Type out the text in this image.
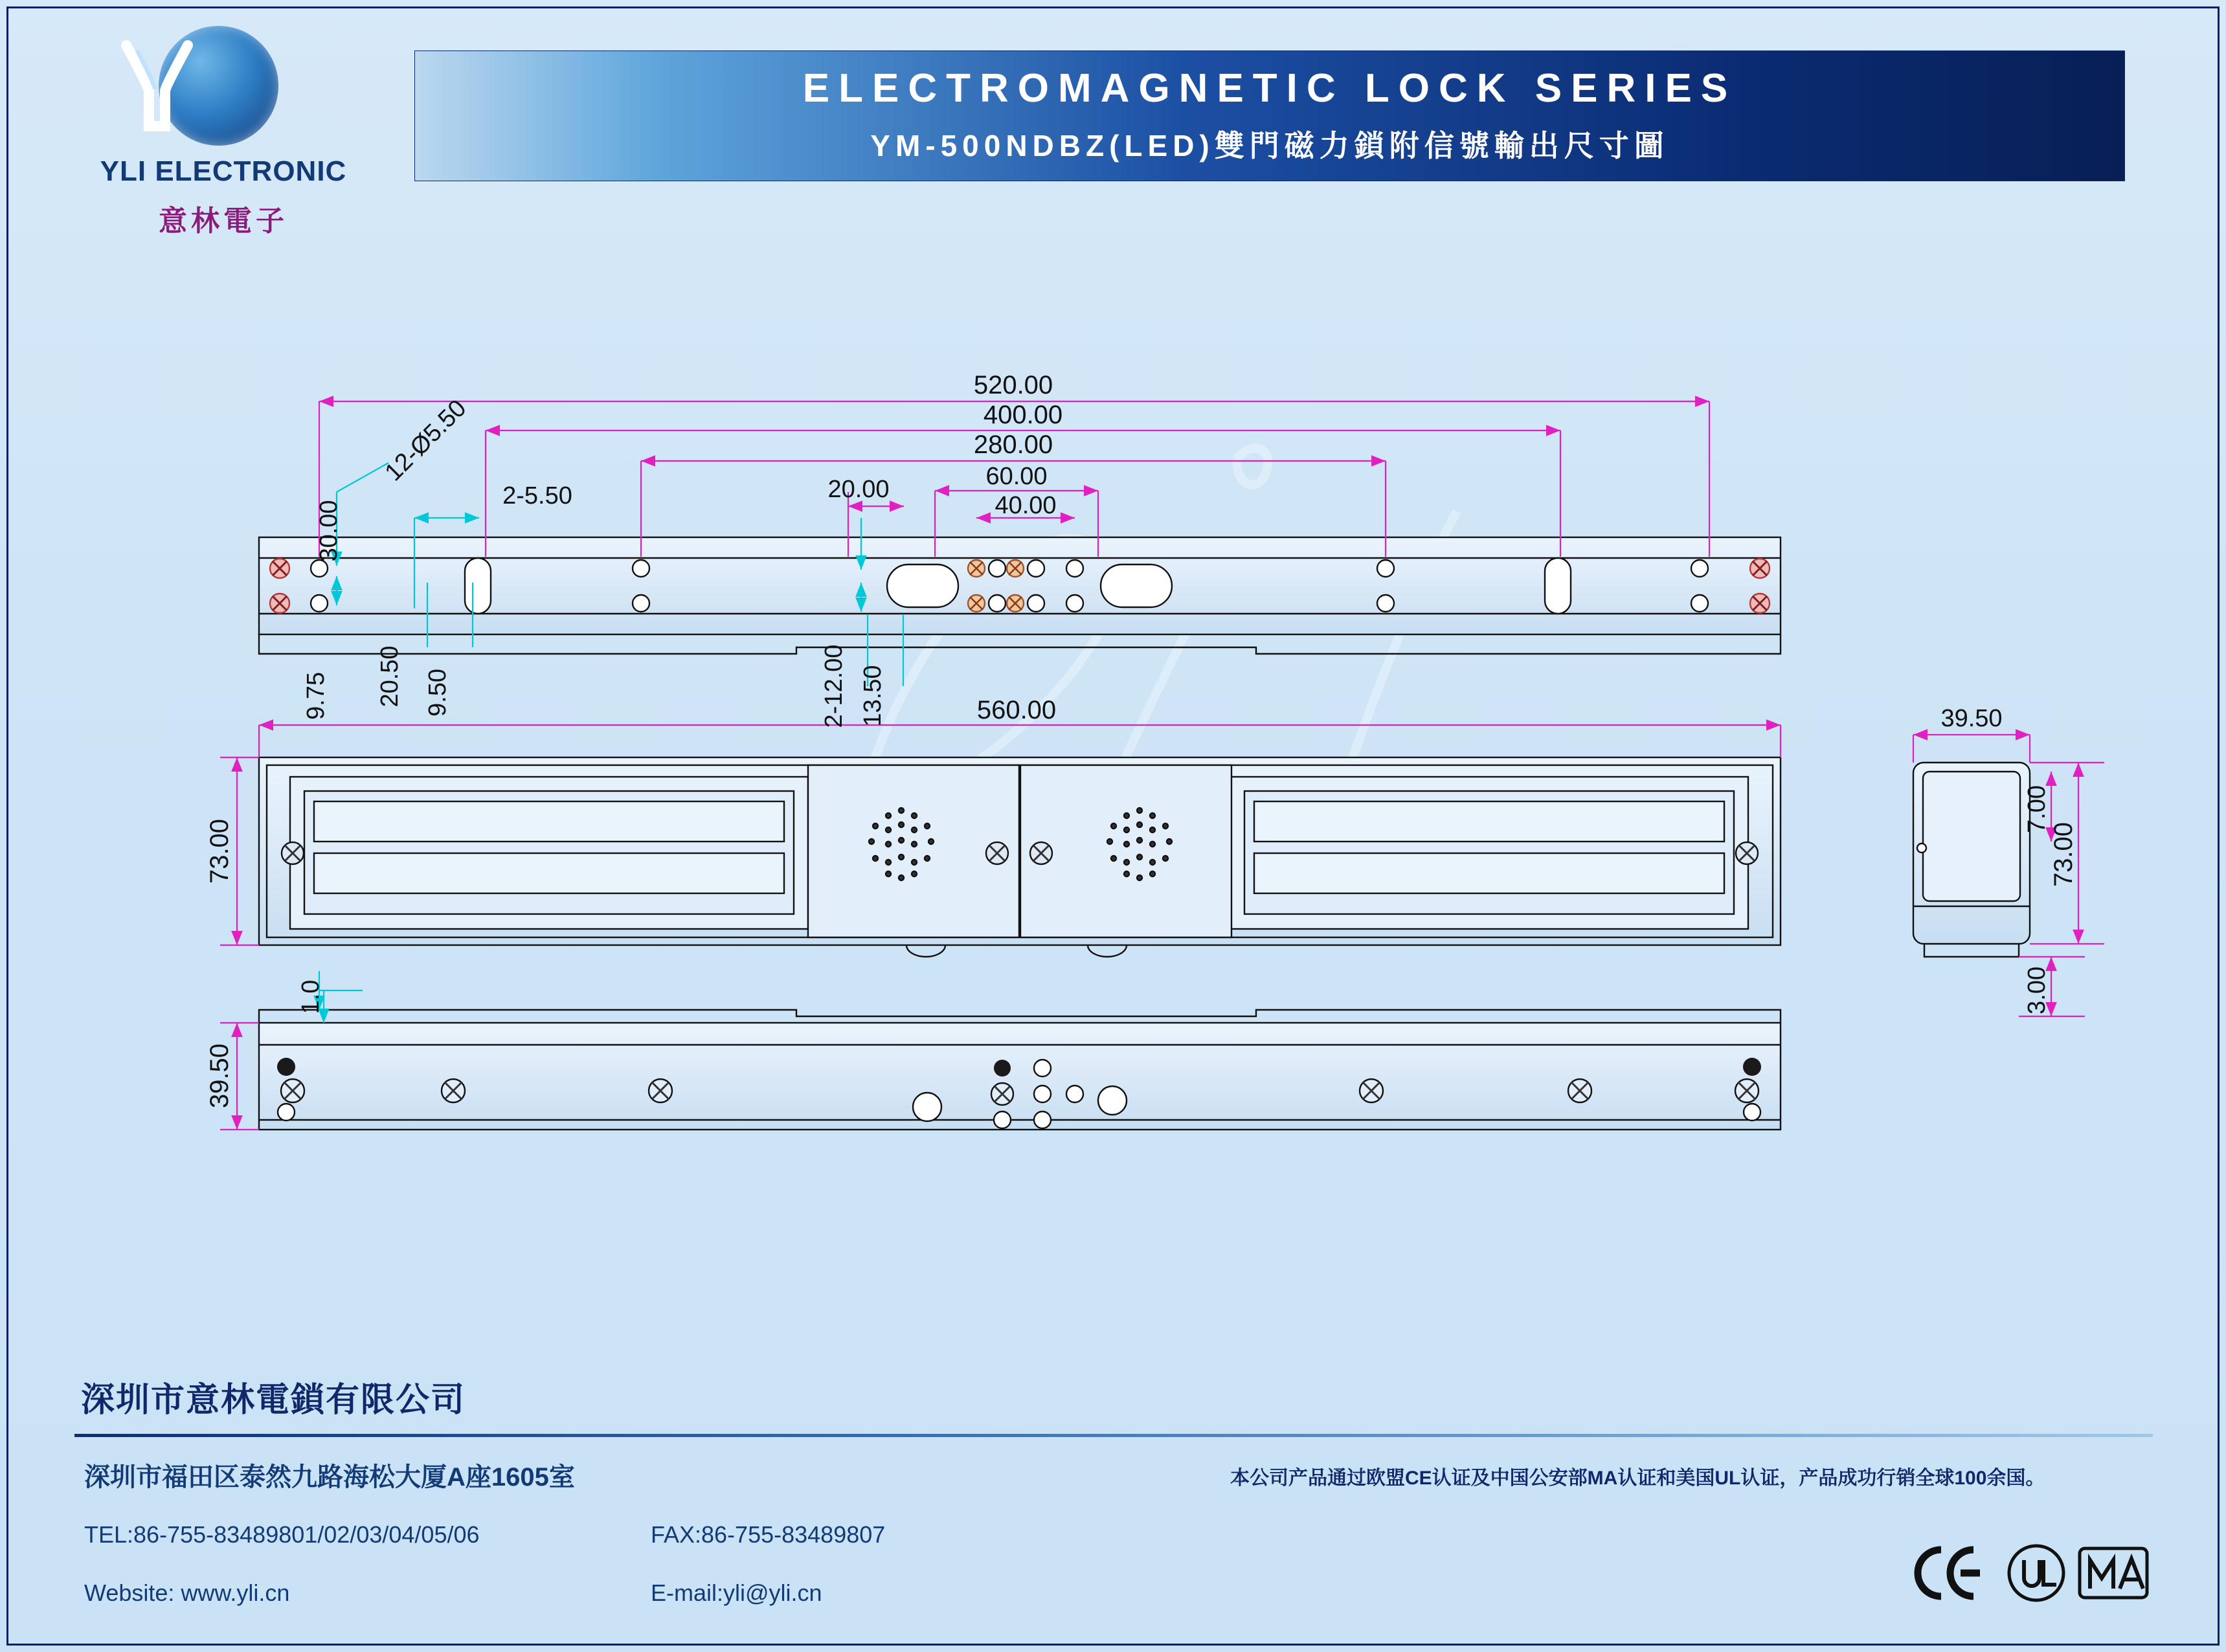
YLI ELECTRONIC
意林電子
ELECTROMAGNETIC LOCK SERIES
YM-500NDBZ(LED)雙門磁力鎖附信號輸出尺寸圖
520.00
400.00
280.00
60.00
40.00
20.00
560.00	39.50
30.00
12-Ø5.50
2-5.50
9.75 20.50 9.50	2-12.00 13.50
73.00
39.50
1.0
7.00
73.00
3.00
深圳市意林電鎖有限公司
深圳市福田区泰然九路海松大厦A座1605室
TEL:86-755-83489801/02/03/04/05/06	FAX:86-755-83489807
Website: www.yli.cn	E-mail:yli@yli.cn
本公司产品通过欧盟CE认证及中国公安部MA认证和美国UL认证，产品成功行销全球100余国。
